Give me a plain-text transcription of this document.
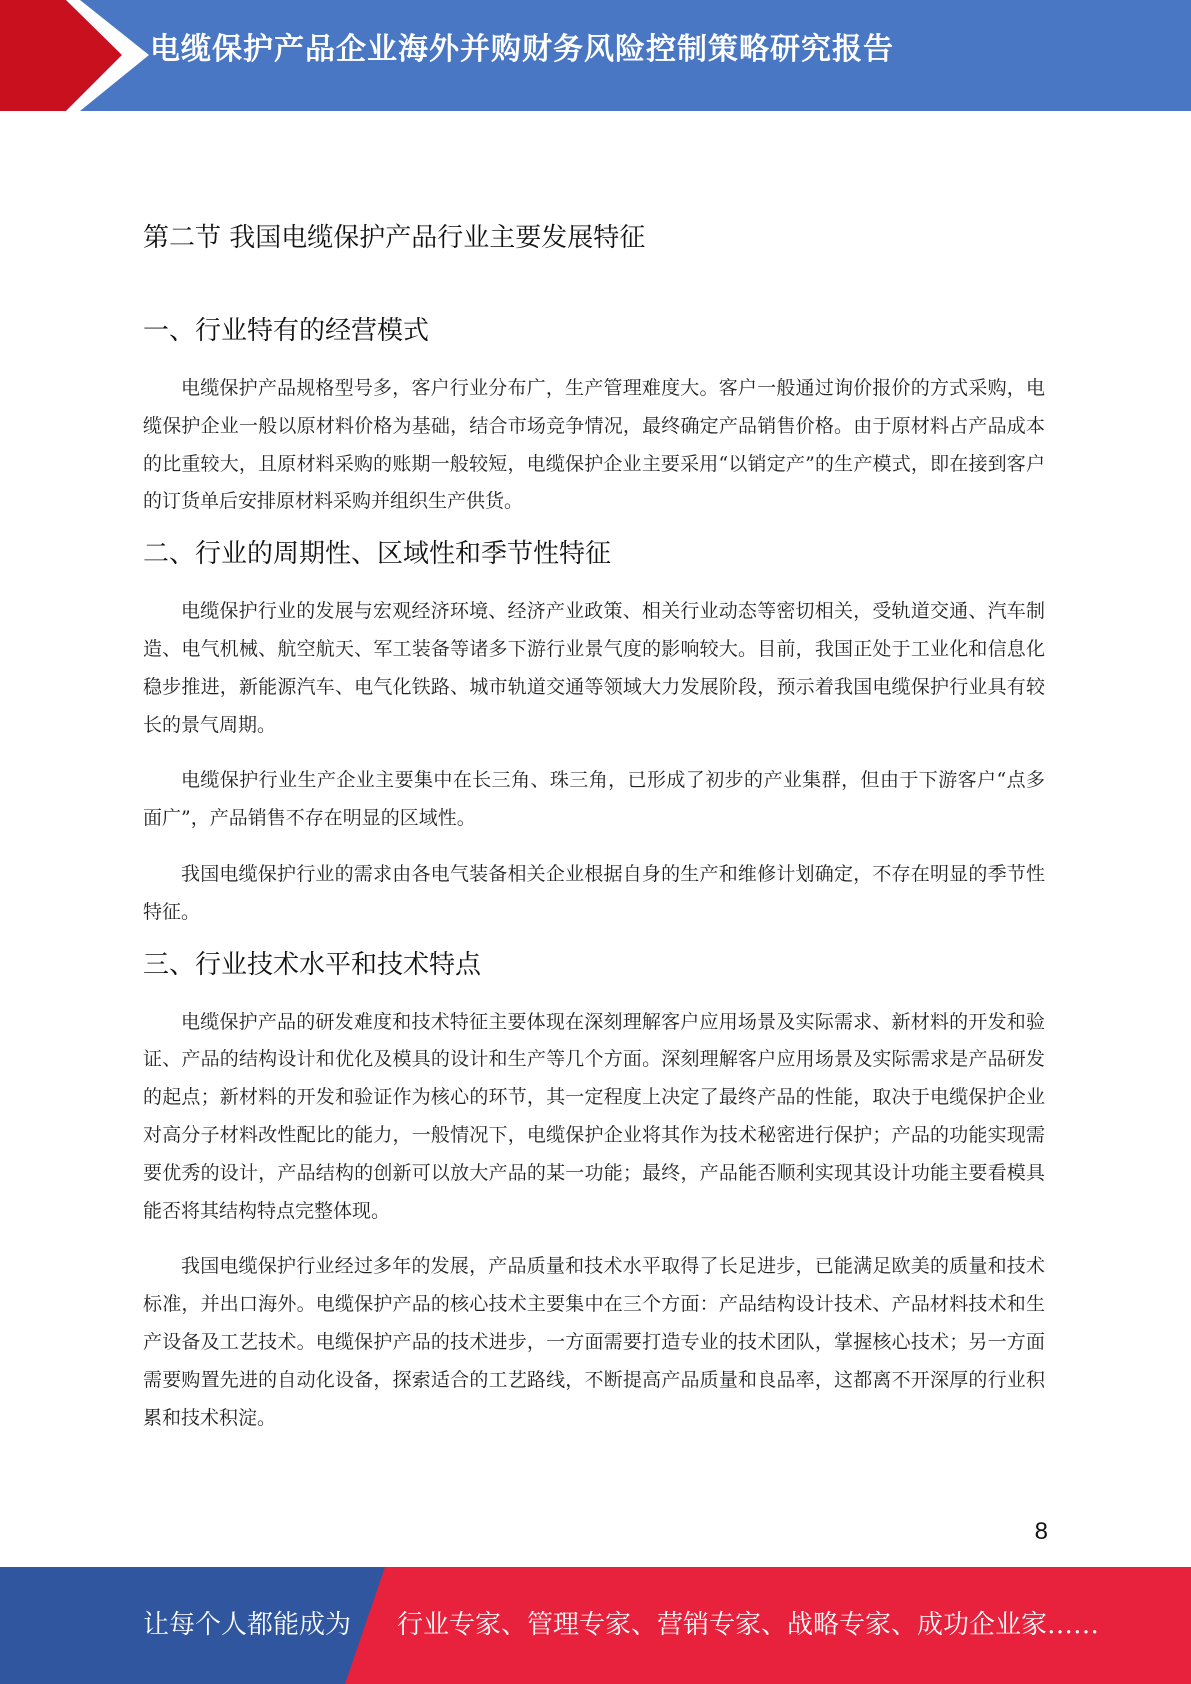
电缆保护产品企业海外并购财务风险控制策略研究报告
第二节 我国电缆保护产品行业主要发展特征
一、行业特有的经营模式

电缆保护产品规格型号多，客户行业分布广，生产管理难度大。客户一般通过询价报价的方式采购，电缆保护企业一般以原材料价格为基础，结合市场竞争情况，最终确定产品销售价格。由于原材料占产品成本的比重较大，且原材料采购的账期一般较短，电缆保护企业主要采用“以销定产”的生产模式，即在接到客户的订货单后安排原材料采购并组织生产供货。

二、行业的周期性、区域性和季节性特征

电缆保护行业的发展与宏观经济环境、经济产业政策、相关行业动态等密切相关，受轨道交通、汽车制造、电气机械、航空航天、军工装备等诸多下游行业景气度的影响较大。目前，我国正处于工业化和信息化稳步推进，新能源汽车、电气化铁路、城市轨道交通等领域大力发展阶段，预示着我国电缆保护行业具有较长的景气周期。

电缆保护行业生产企业主要集中在长三角、珠三角，已形成了初步的产业集群，但由于下游客户“点多面广”，产品销售不存在明显的区域性。

我国电缆保护行业的需求由各电气装备相关企业根据自身的生产和维修计划确定，不存在明显的季节性特征。

三、行业技术水平和技术特点

电缆保护产品的研发难度和技术特征主要体现在深刻理解客户应用场景及实际需求、新材料的开发和验证、产品的结构设计和优化及模具的设计和生产等几个方面。深刻理解客户应用场景及实际需求是产品研发的起点；新材料的开发和验证作为核心的环节，其一定程度上决定了最终产品的性能，取决于电缆保护企业对高分子材料改性配比的能力，一般情况下，电缆保护企业将其作为技术秘密进行保护；产品的功能实现需要优秀的设计，产品结构的创新可以放大产品的某一功能；最终，产品能否顺利实现其设计功能主要看模具能否将其结构特点完整体现。

我国电缆保护行业经过多年的发展，产品质量和技术水平取得了长足进步，已能满足欧美的质量和技术标准，并出口海外。电缆保护产品的核心技术主要集中在三个方面：产品结构设计技术、产品材料技术和生产设备及工艺技术。电缆保护产品的技术进步，一方面需要打造专业的技术团队，掌握核心技术；另一方面需要购置先进的自动化设备，探索适合的工艺路线，不断提高产品质量和良品率，这都离不开深厚的行业积累和技术积淀。

8
让每个人都能成为 行业专家、管理专家、营销专家、战略专家、成功企业家……
